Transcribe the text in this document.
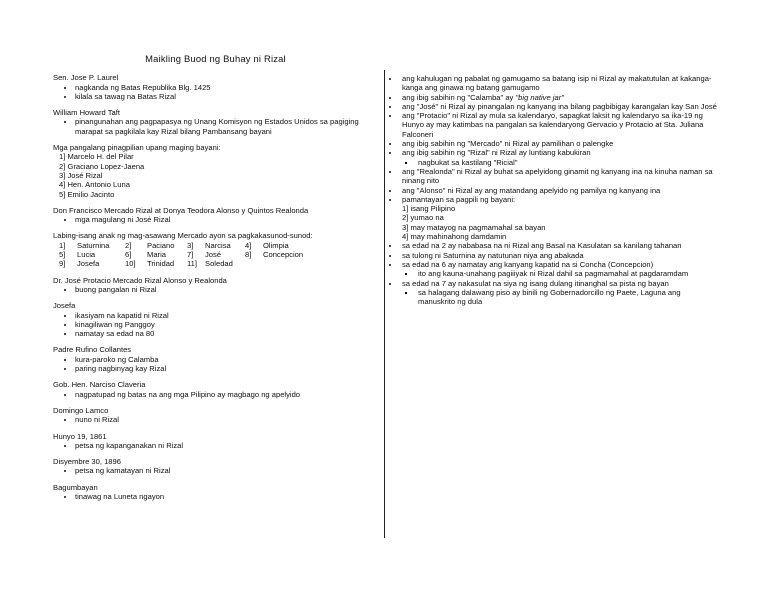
Maikling Buod ng Buhay ni Rizal
Sen. Jose P. Laurel
• nagkanda ng Batas Republika Blg. 1425
• kilala sa tawag na Batas Rizal
William Howard Taft
• pinangunahan ang pagpapasya ng Unang Komisyon ng Estados Unidos sa pagiging marapat sa pagkilala kay Rizal bilang Pambansang bayani
Mga pangalang pinagpilian upang maging bayani:
1] Marcelo H. del Pilar
2] Graciano Lopez-Jaena
3] José Rizal
4] Hen. Antonio Luna
5] Emilio Jacinto
Don Francisco Mercado Rizal at Donya Teodora Alonso y Quintos Realonda
• mga magulang ni José Rizal
Labing-isang anak ng mag-asawang Mercado ayon sa pagkakasunod-sunod:
1]	Saturnina	2]	Paciano	3]	Narcisa	4]	Olimpia
5]	Lucia	6]	Maria	7]	José	8]	Concepcion
9]	Josefa	10]	Trinidad	11]	Soledad
Dr. José Protacio Mercado Rizal Alonso y Realonda
• buong pangalan ni Rizal
Josefa
• ikasiyam na kapatid ni Rizal
• kinagiliwan ng Panggoy
• namatay sa edad na 80
Padre Rufino Collantes
• kura-paroko ng Calamba
• paring nagbinyag kay Rizal
Gob. Hen. Narciso Claveria
• nagpatupad ng batas na ang mga Pilipino ay magbago ng apelyido
Domingo Lamco
• nuno ni Rizal
Hunyo 19, 1861
• petsa ng kapanganakan ni Rizal
Disyembre 30, 1896
• petsa ng kamatayan ni Rizal
Bagumbayan
• tinawag na Luneta ngayon
• ang kahulugan ng pabalat ng gamugamo sa batang isip ni Rizal ay makatutulan at kakanga-kanga ang ginawa ng batang gamugamo
• ang ibig sabihin ng "Calamba" ay "big native jar"
• ang "José" ni Rizal ay pinangalan ng kanyang ina bilang pagbibigay karangalan kay San José
• ang "Protacio" ni Rizal ay mula sa kalendaryo, sapagkat laksit ng kalendaryo sa ika-19 ng Hunyo ay may katimbas na pangalan sa kalendaryong Gervacio y Protacio at Sta. Juliana Falconeri
• ang ibig sabihin ng "Mercado" ni Rizal ay pamilihan o palengke
• ang ibig sabihin ng "Rizal" ni Rizal ay luntiang kabukiran
▪ nagbukat sa kastilang "Ricial"
• ang "Realonda" ni Rizal ay buhat sa apelyidong ginamit ng kanyang ina na kinuha naman sa ninang nito
• ang "Alonso" ni Rizal ay ang matandang apelyido ng pamilya ng kanyang ina
• pamantayan sa pagpili ng bayani:
1] isang Pilipino
2] yumao na
3] may matayog na pagmamahal sa bayan
4] may mahinahong damdamin
• sa edad na 2 ay nababasa na ni Rizal ang Basal na Kasulatan sa kanilang tahanan
• sa tulong ni Saturnina ay natutunan niya ang abakada
• sa edad na 6 ay namatay ang kanyang kapatid na si Concha (Concepcion)
▪ ito ang kauna-unahang pagiiiyak ni Rizal dahil sa pagmamahal at pagdaramdam
• sa edad na 7 ay nakasulat na siya ng isang dulang itinanghal sa pista ng bayan
▪ sa halagang dalawang piso ay binili ng Gobernadorcillo ng Paete, Laguna ang manuskrito ng dula
